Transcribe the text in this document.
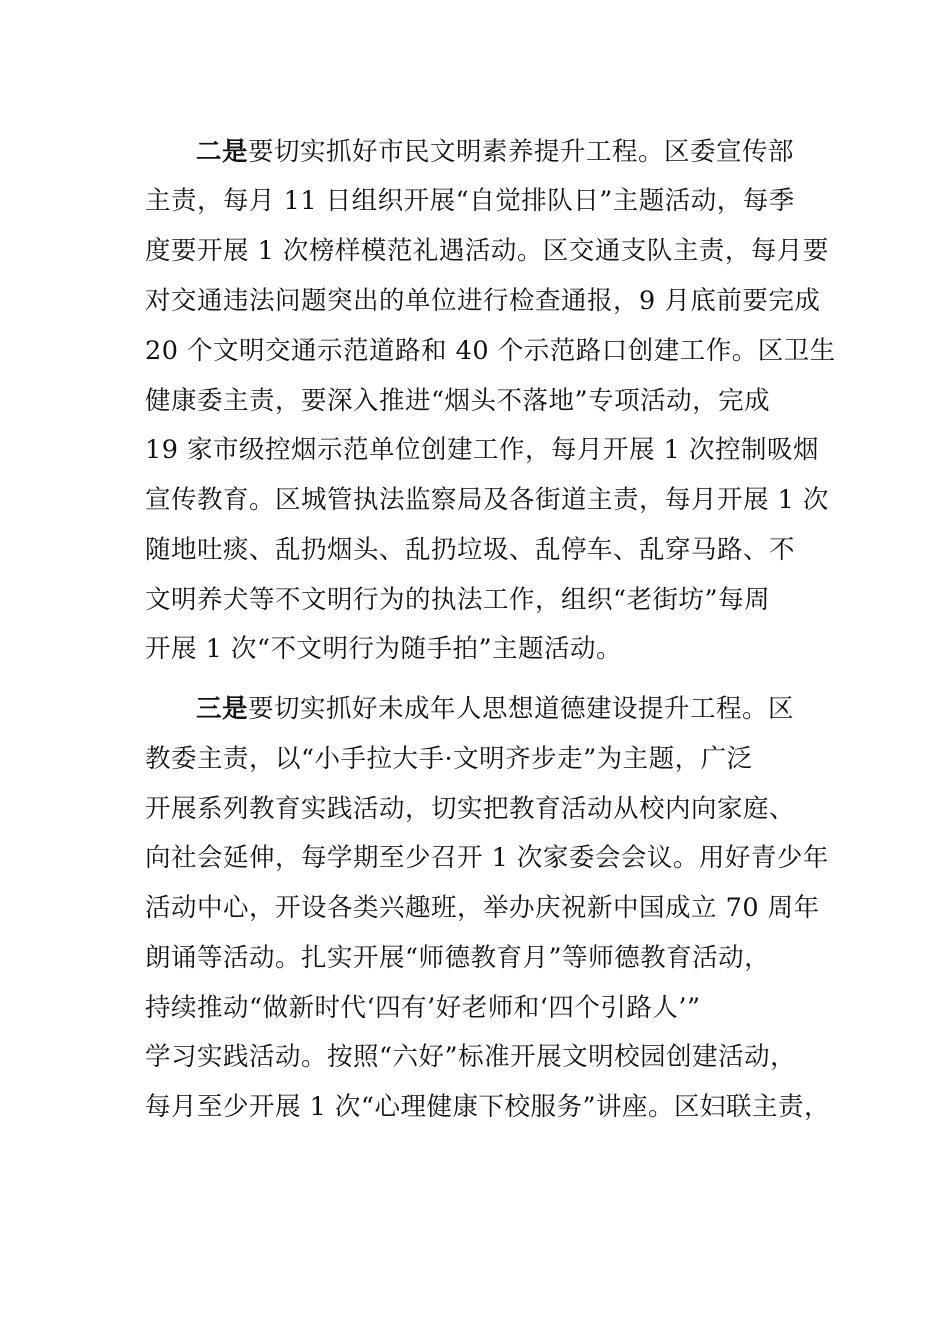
二是要切实抓好市民文明素养提升工程。区委宣传部
主责，每月 11 日组织开展“自觉排队日”主题活动，每季
度要开展 1 次榜样模范礼遇活动。区交通支队主责，每月要
对交通违法问题突出的单位进行检查通报，9 月底前要完成
20 个文明交通示范道路和 40 个示范路口创建工作。区卫生
健康委主责，要深入推进“烟头不落地”专项活动，完成
19 家市级控烟示范单位创建工作，每月开展 1 次控制吸烟
宣传教育。区城管执法监察局及各街道主责，每月开展 1 次
随地吐痰、乱扔烟头、乱扔垃圾、乱停车、乱穿马路、不
文明养犬等不文明行为的执法工作，组织“老街坊”每周
开展 1 次“不文明行为随手拍”主题活动。
三是要切实抓好未成年人思想道德建设提升工程。区
教委主责，以“小手拉大手·文明齐步走”为主题，广泛
开展系列教育实践活动，切实把教育活动从校内向家庭、
向社会延伸，每学期至少召开 1 次家委会会议。用好青少年
活动中心，开设各类兴趣班，举办庆祝新中国成立 70 周年
朗诵等活动。扎实开展“师德教育月”等师德教育活动，
持续推动“做新时代‘四有’好老师和‘四个引路人’”
学习实践活动。按照“六好”标准开展文明校园创建活动，
每月至少开展 1 次“心理健康下校服务”讲座。区妇联主责，
